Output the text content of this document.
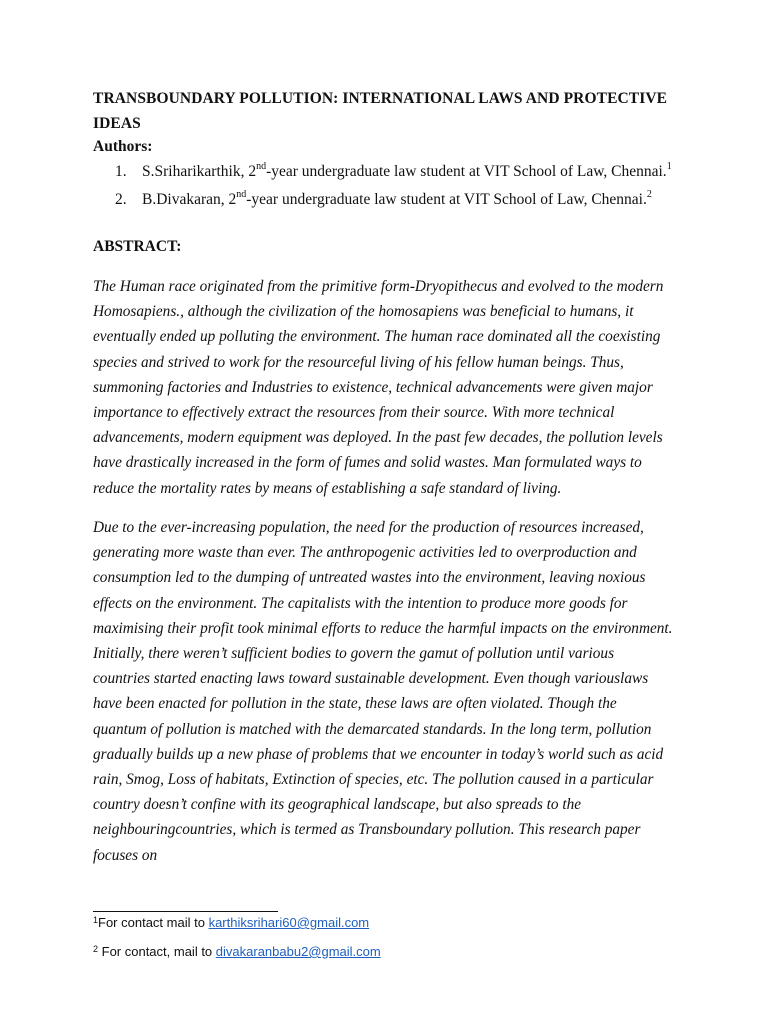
TRANSBOUNDARY POLLUTION: INTERNATIONAL LAWS AND PROTECTIVE IDEAS
Authors:
1. S.Sriharikarthik, 2nd-year undergraduate law student at VIT School of Law, Chennai.$^1$
2. B.Divakaran, 2nd-year undergraduate law student at VIT School of Law, Chennai.$^2$
ABSTRACT:

The Human race originated from the primitive form-Dryopithecus and evolved to the modern Homosapiens., although the civilization of the homosapiens was beneficial to humans, it eventually ended up polluting the environment. The human race dominated all the coexisting species and strived to work for the resourceful living of his fellow human beings. Thus, summoning factories and Industries to existence, technical advancements were given major importance to effectively extract the resources from their source. With more technical advancements, modern equipment was deployed. In the past few decades, the pollution levels have drastically increased in the form of fumes and solid wastes. Man formulated ways to reduce the mortality rates by means of establishing a safe standard of living.

Due to the ever-increasing population, the need for the production of resources increased, generating more waste than ever. The anthropogenic activities led to overproduction and consumption led to the dumping of untreated wastes into the environment, leaving noxious effects on the environment. The capitalists with the intention to produce more goods for maximising their profit took minimal efforts to reduce the harmful impacts on the environment. Initially, there weren’t sufficient bodies to govern the gamut of pollution until various countries started enacting laws toward sustainable development. Even though variouslaws have been enacted for pollution in the state, these laws are often violated. Though the quantum of pollution is matched with the demarcated standards. In the long term, pollution gradually builds up a new phase of problems that we encounter in today’s world such as acid rain, Smog, Loss of habitats, Extinction of species, etc. The pollution caused in a particular country doesn’t confine with its geographical landscape, but also spreads to the neighbouringcountries, which is termed as Transboundary pollution. This research paper focuses on

$^1$For contact mail to karthiksrihari60@gmail.com

$^2$ For contact, mail to divakaranbabu2@gmail.com
